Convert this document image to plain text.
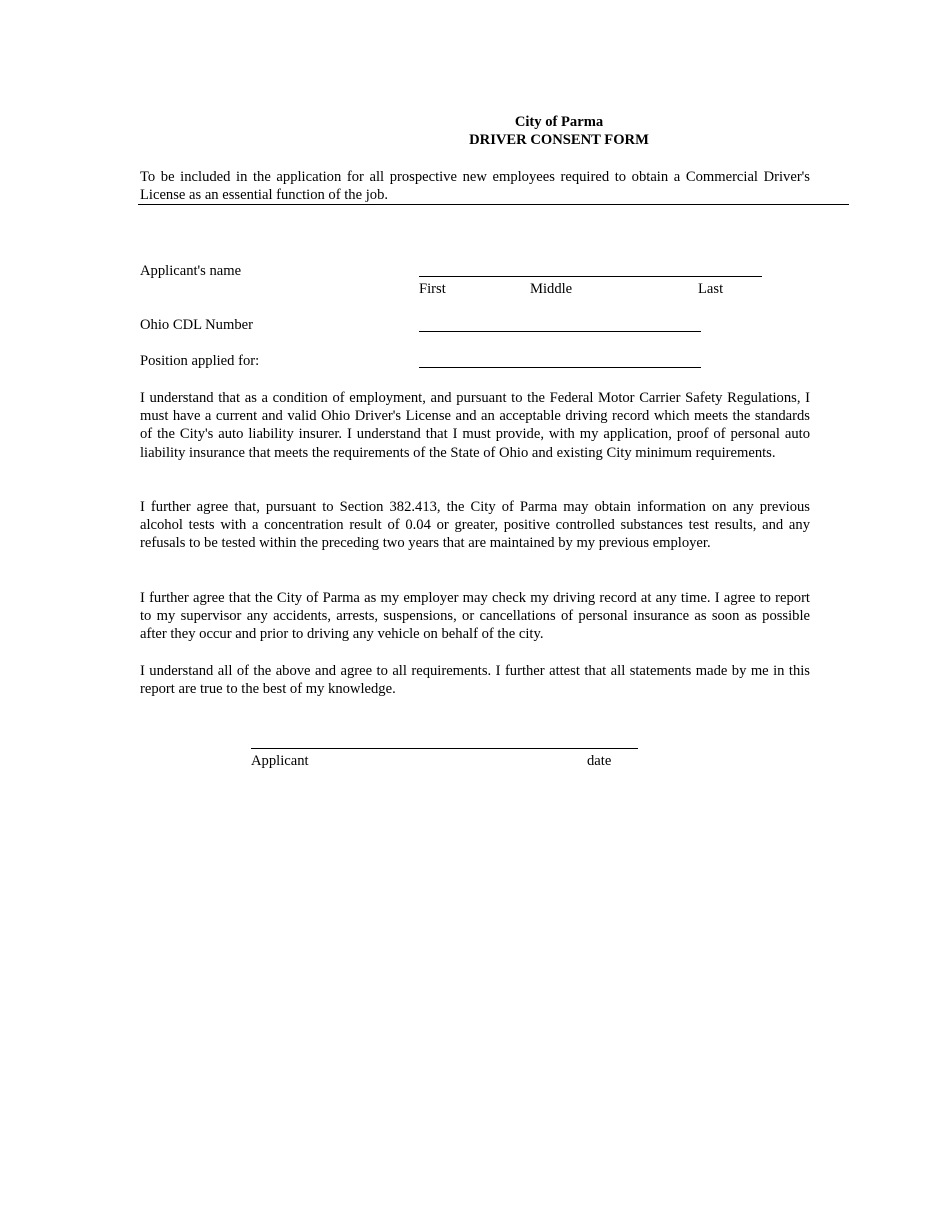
City of Parma
DRIVER CONSENT FORM

To be included in the application for all prospective new employees required to obtain a Commercial Driver's License as an essential function of the job.

Applicant's name
First	Middle	Last
Ohio CDL Number
Position applied for:

I understand that as a condition of employment, and pursuant to the Federal Motor Carrier Safety Regulations, I must have a current and valid Ohio Driver's License and an acceptable driving record which meets the standards of the City's auto liability insurer. I understand that I must provide, with my application, proof of personal auto liability insurance that meets the requirements of the State of Ohio and existing City minimum requirements.

I further agree that, pursuant to Section 382.413, the City of Parma may obtain information on any previous alcohol tests with a concentration result of 0.04 or greater, positive controlled substances test results, and any refusals to be tested within the preceding two years that are maintained by my previous employer.

I further agree that the City of Parma as my employer may check my driving record at any time. I agree to report to my supervisor any accidents, arrests, suspensions, or cancellations of personal insurance as soon as possible after they occur and prior to driving any vehicle on behalf of the city.

I understand all of the above and agree to all requirements. I further attest that all statements made by me in this report are true to the best of my knowledge.

Applicant	date
